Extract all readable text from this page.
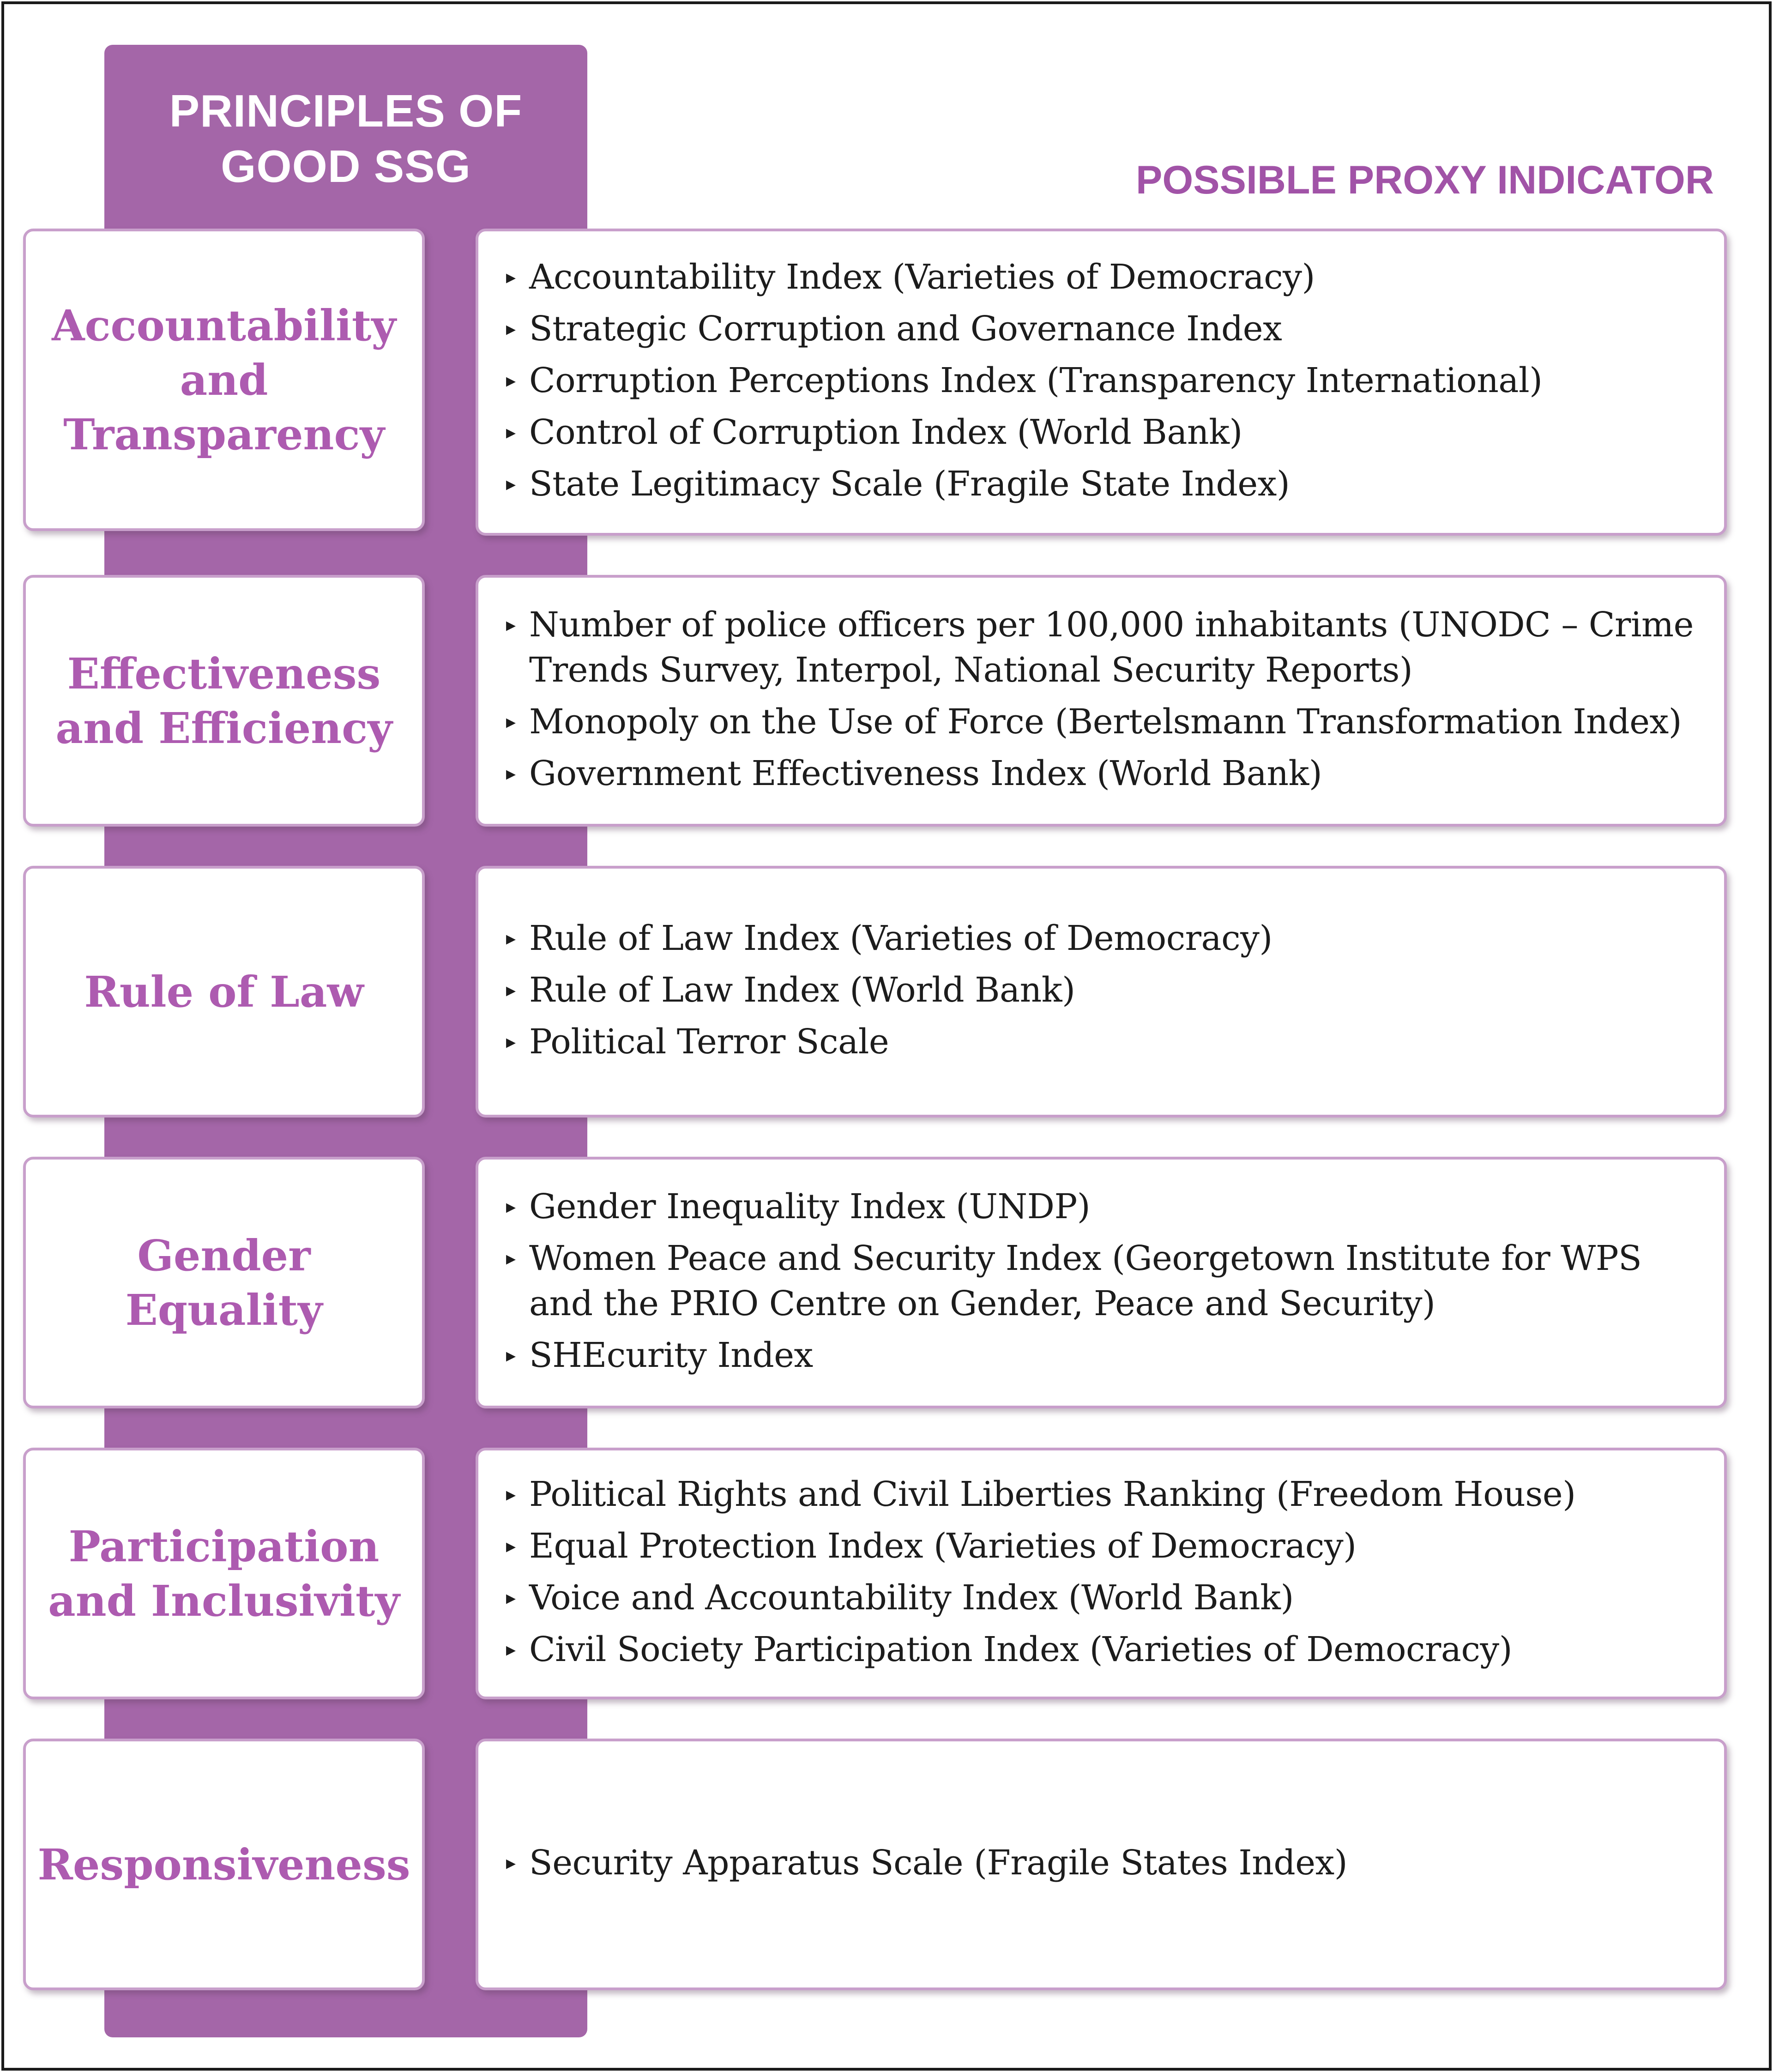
PRINCIPLES OF
GOOD SSG	POSSIBLE PROXY INDICATOR
Accountability and Transparency
▸ Accountability Index (Varieties of Democracy)
▸ Strategic Corruption and Governance Index
▸ Corruption Perceptions Index (Transparency International)
▸ Control of Corruption Index (World Bank)
▸ State Legitimacy Scale (Fragile State Index)
Effectiveness and Efficiency
▸ Number of police officers per 100,000 inhabitants (UNODC – Crime Trends Survey, Interpol, National Security Reports)
▸ Monopoly on the Use of Force (Bertelsmann Transformation Index)
▸ Government Effectiveness Index (World Bank)
Rule of Law
▸ Rule of Law Index (Varieties of Democracy)
▸ Rule of Law Index (World Bank)
▸ Political Terror Scale
Gender Equality
▸ Gender Inequality Index (UNDP)
▸ Women Peace and Security Index (Georgetown Institute for WPS and the PRIO Centre on Gender, Peace and Security)
▸ SHEcurity Index
Participation and Inclusivity
▸ Political Rights and Civil Liberties Ranking (Freedom House)
▸ Equal Protection Index (Varieties of Democracy)
▸ Voice and Accountability Index (World Bank)
▸ Civil Society Participation Index (Varieties of Democracy)
Responsiveness	▸ Security Apparatus Scale (Fragile States Index)
